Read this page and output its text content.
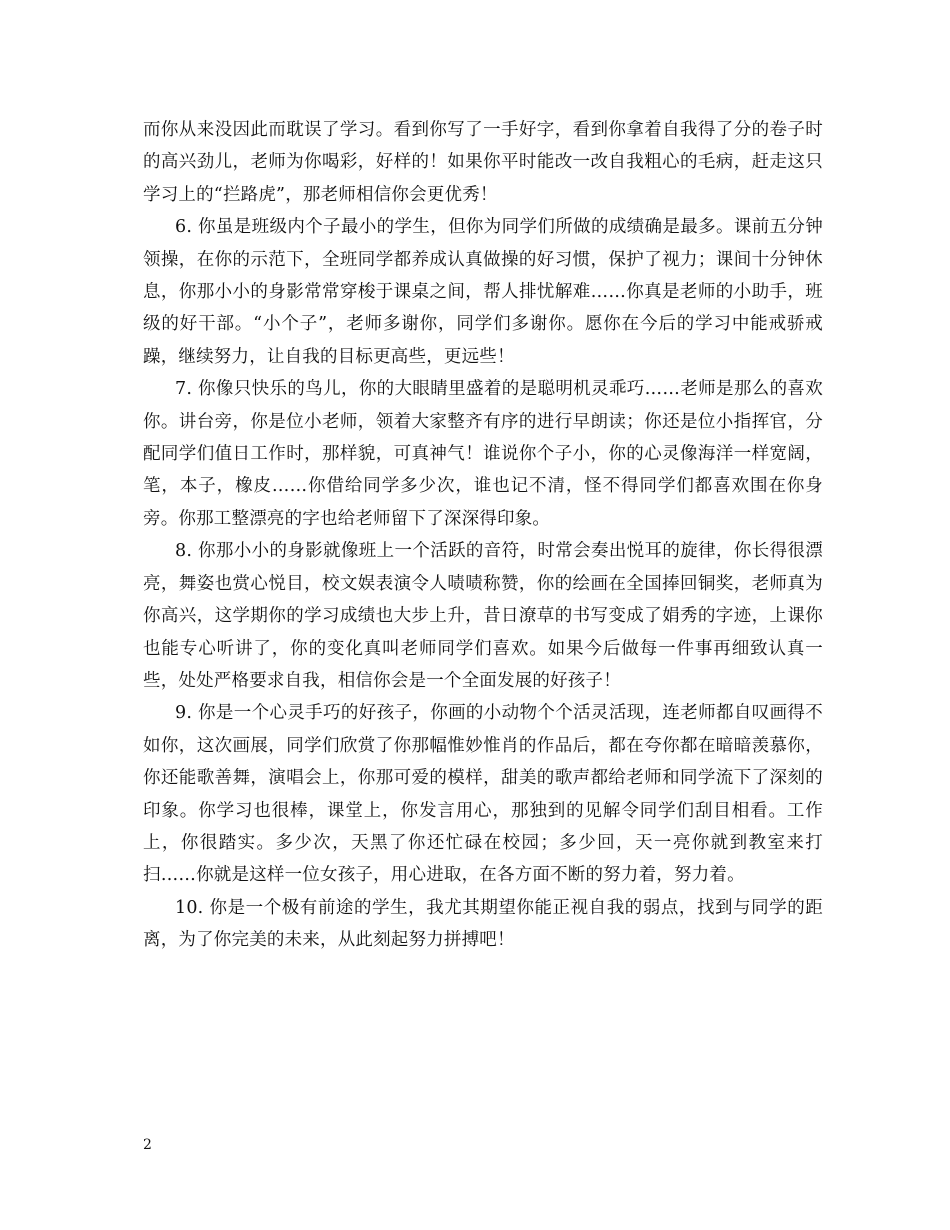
而你从来没因此而耽误了学习。看到你写了一手好字，看到你拿着自我得了分的卷子时的高兴劲儿，老师为你喝彩，好样的！如果你平时能改一改自我粗心的毛病，赶走这只学习上的“拦路虎”，那老师相信你会更优秀！

6. 你虽是班级内个子最小的学生，但你为同学们所做的成绩确是最多。课前五分钟领操，在你的示范下，全班同学都养成认真做操的好习惯，保护了视力；课间十分钟休息，你那小小的身影常常穿梭于课桌之间，帮人排忧解难……你真是老师的小助手，班级的好干部。“小个子”，老师多谢你，同学们多谢你。愿你在今后的学习中能戒骄戒躁，继续努力，让自我的目标更高些，更远些！

7. 你像只快乐的鸟儿，你的大眼睛里盛着的是聪明机灵乖巧……老师是那么的喜欢你。讲台旁，你是位小老师，领着大家整齐有序的进行早朗读；你还是位小指挥官，分配同学们值日工作时，那样貌，可真神气！谁说你个子小，你的心灵像海洋一样宽阔，笔，本子，橡皮……你借给同学多少次，谁也记不清，怪不得同学们都喜欢围在你身旁。你那工整漂亮的字也给老师留下了深深得印象。

8. 你那小小的身影就像班上一个活跃的音符，时常会奏出悦耳的旋律，你长得很漂亮，舞姿也赏心悦目，校文娱表演令人啧啧称赞，你的绘画在全国捧回铜奖，老师真为你高兴，这学期你的学习成绩也大步上升，昔日潦草的书写变成了娟秀的字迹，上课你也能专心听讲了，你的变化真叫老师同学们喜欢。如果今后做每一件事再细致认真一些，处处严格要求自我，相信你会是一个全面发展的好孩子！

9. 你是一个心灵手巧的好孩子，你画的小动物个个活灵活现，连老师都自叹画得不如你，这次画展，同学们欣赏了你那幅惟妙惟肖的作品后，都在夸你都在暗暗羡慕你，你还能歌善舞，演唱会上，你那可爱的模样，甜美的歌声都给老师和同学流下了深刻的印象。你学习也很棒，课堂上，你发言用心，那独到的见解令同学们刮目相看。工作上，你很踏实。多少次，天黑了你还忙碌在校园；多少回，天一亮你就到教室来打扫……你就是这样一位女孩子，用心进取，在各方面不断的努力着，努力着。

10. 你是一个极有前途的学生，我尤其期望你能正视自我的弱点，找到与同学的距离，为了你完美的未来，从此刻起努力拼搏吧！

2
